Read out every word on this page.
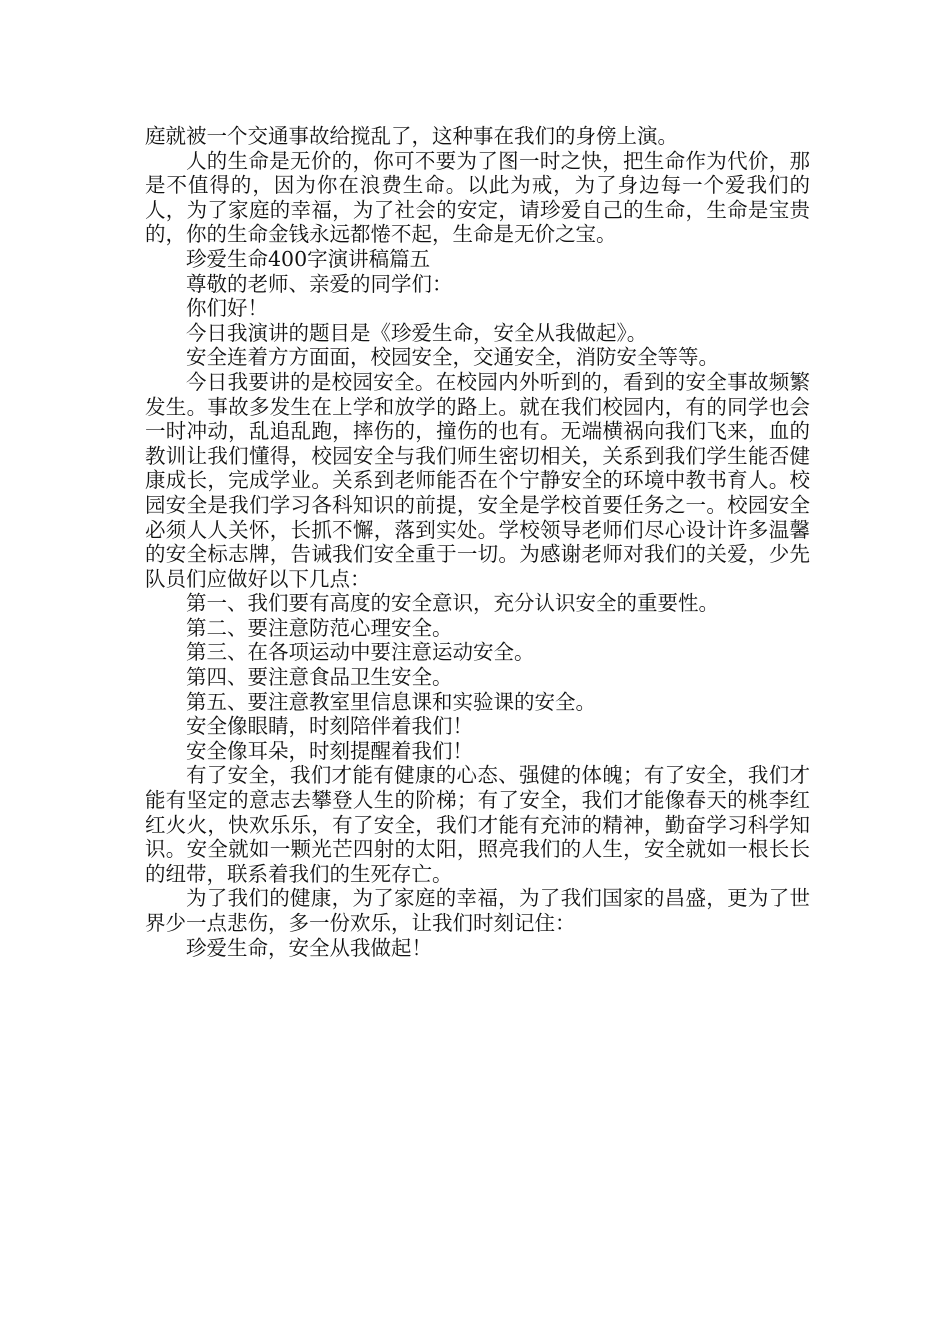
庭就被一个交通事故给搅乱了，这种事在我们的身傍上演。

人的生命是无价的，你可不要为了图一时之快，把生命作为代价，那是不值得的，因为你在浪费生命。以此为戒，为了身边每一个爱我们的人，为了家庭的幸福，为了社会的安定，请珍爱自己的生命，生命是宝贵的，你的生命金钱永远都惓不起，生命是无价之宝。

珍爱生命400字演讲稿篇五

尊敬的老师、亲爱的同学们：

你们好！

今日我演讲的题目是《珍爱生命，安全从我做起》。

安全连着方方面面，校园安全，交通安全，消防安全等等。

今日我要讲的是校园安全。在校园内外听到的，看到的安全事故频繁发生。事故多发生在上学和放学的路上。就在我们校园内，有的同学也会一时冲动，乱追乱跑，摔伤的，撞伤的也有。无端横祸向我们飞来，血的教训让我们懂得，校园安全与我们师生密切相关，关系到我们学生能否健康成长，完成学业。关系到老师能否在个宁静安全的环境中教书育人。校园安全是我们学习各科知识的前提，安全是学校首要任务之一。校园安全必须人人关怀，长抓不懈，落到实处。学校领导老师们尽心设计许多温馨的安全标志牌，告诫我们安全重于一切。为感谢老师对我们的关爱，少先队员们应做好以下几点：

第一、我们要有高度的安全意识，充分认识安全的重要性。

第二、要注意防范心理安全。

第三、在各项运动中要注意运动安全。

第四、要注意食品卫生安全。

第五、要注意教室里信息课和实验课的安全。

安全像眼睛，时刻陪伴着我们！

安全像耳朵，时刻提醒着我们！

有了安全，我们才能有健康的心态、强健的体魄；有了安全，我们才能有坚定的意志去攀登人生的阶梯；有了安全，我们才能像春天的桃李红红火火，快欢乐乐，有了安全，我们才能有充沛的精神，勤奋学习科学知识。安全就如一颗光芒四射的太阳，照亮我们的人生，安全就如一根长长的纽带，联系着我们的生死存亡。

为了我们的健康，为了家庭的幸福，为了我们国家的昌盛，更为了世界少一点悲伤，多一份欢乐，让我们时刻记住：

珍爱生命，安全从我做起！
